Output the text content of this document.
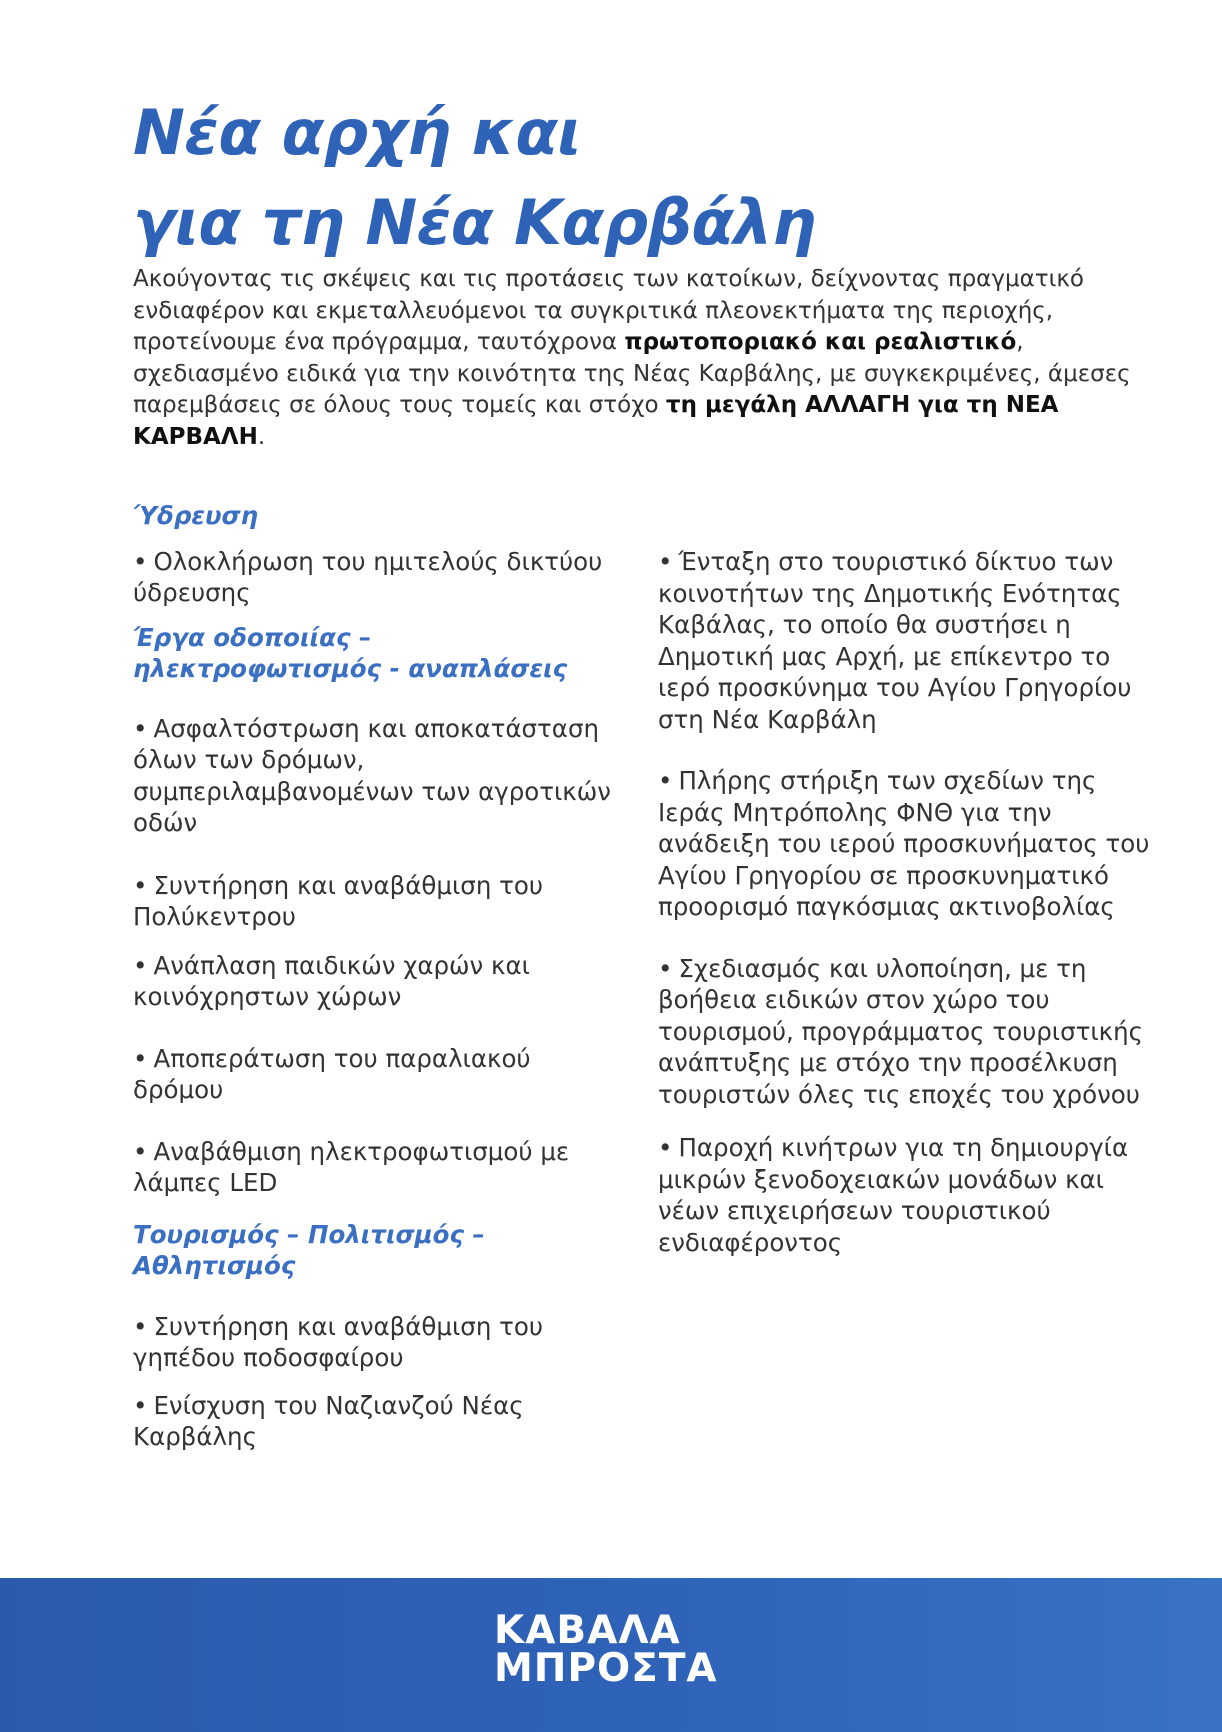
Νέα αρχή και
για τη Νέα Καρβάλη

Ακούγοντας τις σκέψεις και τις προτάσεις των κατοίκων, δείχνοντας πραγματικό ενδιαφέρον και εκμεταλλευόμενοι τα συγκριτικά πλεονεκτήματα της περιοχής, προτείνουμε ένα πρόγραμμα, ταυτόχρονα πρωτοποριακό και ρεαλιστικό, σχεδιασμένο ειδικά για την κοινότητα της Νέας Καρβάλης, με συγκεκριμένες, άμεσες παρεμβάσεις σε όλους τους τομείς και στόχο τη μεγάλη ΑΛΛΑΓΗ για τη ΝΕΑ ΚΑΡΒΑΛΗ.

Ύδρευση

• Ολοκλήρωση του ημιτελούς δικτύου ύδρευσης

Έργα οδοποιίας – ηλεκτροφωτισμός - αναπλάσεις

• Ασφαλτόστρωση και αποκατάσταση όλων των δρόμων, συμπεριλαμβανομένων των αγροτικών οδών

• Συντήρηση και αναβάθμιση του Πολύκεντρου

• Ανάπλαση παιδικών χαρών και κοινόχρηστων χώρων

• Αποπεράτωση του παραλιακού δρόμου

• Αναβάθμιση ηλεκτροφωτισμού με λάμπες LED

Τουρισμός – Πολιτισμός – Αθλητισμός

• Συντήρηση και αναβάθμιση του γηπέδου ποδοσφαίρου

• Ενίσχυση του Ναζιανζού Νέας Καρβάλης

• Ένταξη στο τουριστικό δίκτυο των κοινοτήτων της Δημοτικής Ενότητας Καβάλας, το οποίο θα συστήσει η Δημοτική μας Αρχή, με επίκεντρο το ιερό προσκύνημα του Αγίου Γρηγορίου στη Νέα Καρβάλη

• Πλήρης στήριξη των σχεδίων της Ιεράς Μητρόπολης ΦΝΘ για την ανάδειξη του ιερού προσκυνήματος του Αγίου Γρηγορίου σε προσκυνηματικό προορισμό παγκόσμιας ακτινοβολίας

• Σχεδιασμός και υλοποίηση, με τη βοήθεια ειδικών στον χώρο του τουρισμού, προγράμματος τουριστικής ανάπτυξης με στόχο την προσέλκυση τουριστών όλες τις εποχές του χρόνου

• Παροχή κινήτρων για τη δημιουργία μικρών ξενοδοχειακών μονάδων και νέων επιχειρήσεων τουριστικού ενδιαφέροντος

ΚΑΒΑΛΑ
ΜΠΡΟΣΤΑ
